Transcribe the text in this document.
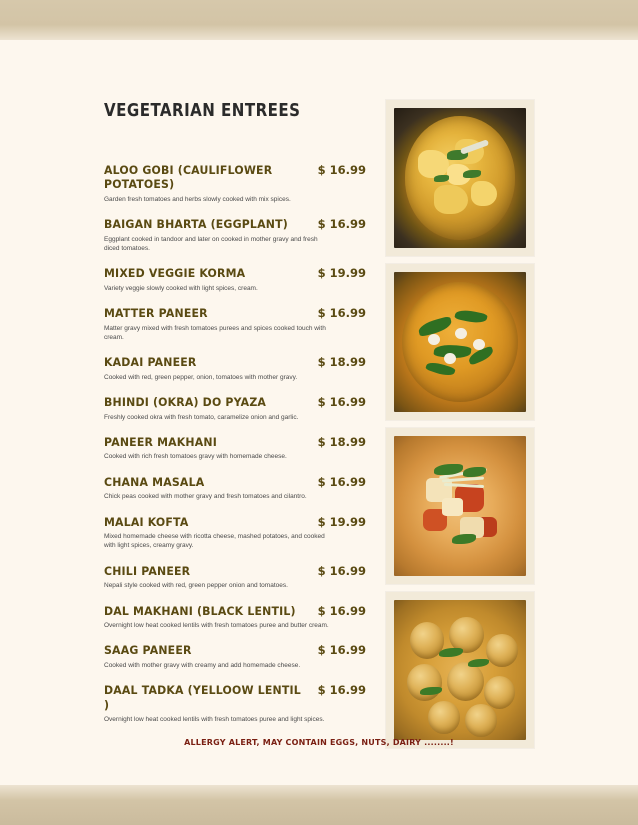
VEGETARIAN ENTREES
ALOO GOBI (CAULIFLOWER POTATOES)
$ 16.99
Garden fresh tomatoes and herbs slowly cooked with mix spices.
BAIGAN BHARTA (EGGPLANT)	$ 16.99
Eggplant cooked in tandoor and later on cooked in mother gravy and fresh diced tomatoes.
MIXED VEGGIE KORMA	$ 19.99
Variety veggie slowly cooked with light spices, cream.
MATTER PANEER	$ 16.99
Matter gravy mixed with fresh tomatoes purees and spices cooked touch with cream.
KADAI PANEER	$ 18.99
Cooked with red, green pepper, onion, tomatoes with mother gravy.
BHINDI (OKRA) DO PYAZA	$ 16.99
Freshly cooked okra with fresh tomato, caramelize onion and garlic.
PANEER MAKHANI	$ 18.99
Cooked with rich fresh tomatoes gravy with homemade cheese.
CHANA MASALA	$ 16.99
Chick peas cooked with mother gravy and fresh tomatoes and cilantro.
MALAI KOFTA	$ 19.99
Mixed homemade cheese with ricotta cheese, mashed potatoes, and cooked with light spices, creamy gravy.
CHILI PANEER	$ 16.99
Nepali style cooked with red, green pepper onion and tomatoes.
DAL MAKHANI (BLACK LENTIL)	$ 16.99
Overnight low heat cooked lentils with fresh tomatoes puree and butter cream.
SAAG PANEER	$ 16.99
Cooked with mother gravy with creamy and add homemade cheese.
DAAL TADKA (YELLOOW LENTIL )
$ 16.99
Overnight low heat cooked lentils with fresh tomatoes puree and light spices.
ALLERGY ALERT, MAY CONTAIN EGGS, NUTS, DAIRY ........!
